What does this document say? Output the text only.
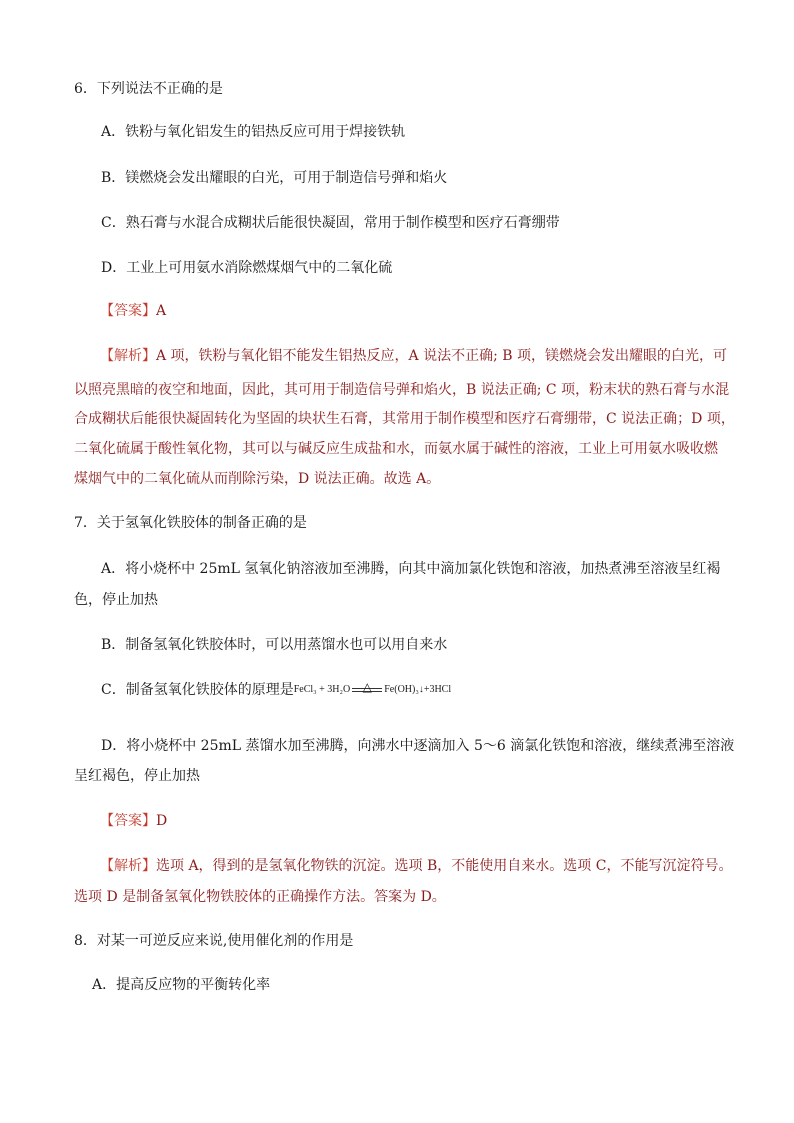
6．下列说法不正确的是
A．铁粉与氧化铝发生的铝热反应可用于焊接铁轨
B．镁燃烧会发出耀眼的白光，可用于制造信号弹和焰火
C．熟石膏与水混合成糊状后能很快凝固，常用于制作模型和医疗石膏绷带
D．工业上可用氨水消除燃煤烟气中的二氧化硫
【答案】A
【解析】A 项，铁粉与氧化铝不能发生铝热反应，A 说法不正确; B 项，镁燃烧会发出耀眼的白光，可
以照亮黑暗的夜空和地面，因此，其可用于制造信号弹和焰火，B 说法正确; C 项，粉末状的熟石膏与水混
合成糊状后能很快凝固转化为坚固的块状生石膏，其常用于制作模型和医疗石膏绷带，C 说法正确；D 项，
二氧化硫属于酸性氧化物，其可以与碱反应生成盐和水，而氨水属于碱性的溶液，工业上可用氨水吸收燃
煤烟气中的二氧化硫从而削除污染，D 说法正确。故选 A。
7．关于氢氧化铁胶体的制备正确的是
A．将小烧杯中 25mL 氢氧化钠溶液加至沸腾，向其中滴加氯化铁饱和溶液，加热煮沸至溶液呈红褐
色，停止加热
B．制备氢氧化铁胶体时，可以用蒸馏水也可以用自来水
C．制备氢氧化铁胶体的原理是FeCl₃ + 3H₂O	△	Fe(OH)₃↓+3HCl
D．将小烧杯中 25mL 蒸馏水加至沸腾，向沸水中逐滴加入 5～6 滴氯化铁饱和溶液，继续煮沸至溶液
呈红褐色，停止加热
【答案】D
【解析】选项 A，得到的是氢氧化物铁的沉淀。选项 B，不能使用自来水。选项 C，不能写沉淀符号。
选项 D 是制备氢氧化物铁胶体的正确操作方法。答案为 D。
8．对某一可逆反应来说,使用催化剂的作用是
A．提高反应物的平衡转化率
